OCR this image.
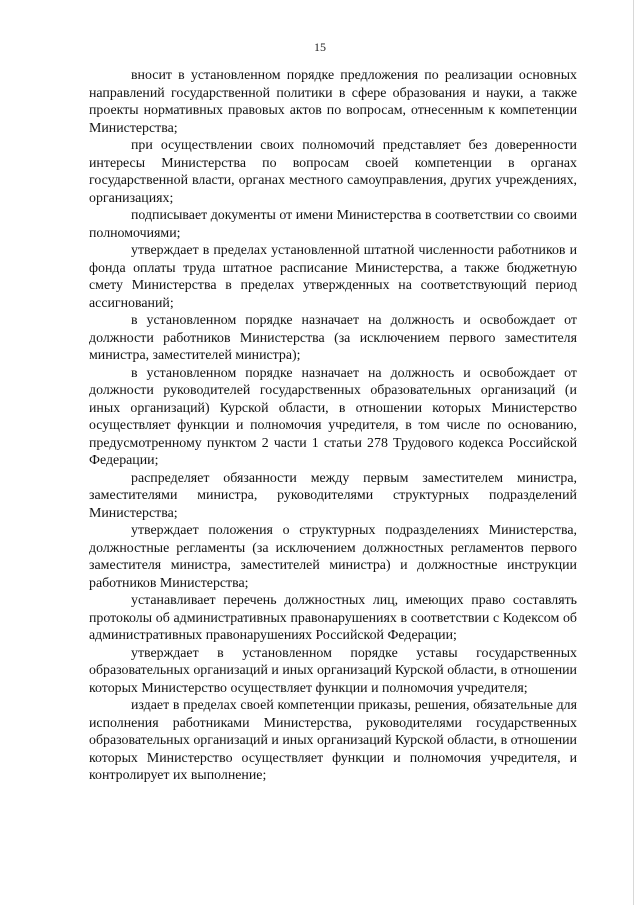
15

вносит в установленном порядке предложения по реализации основных направлений государственной политики в сфере образования и науки, а также проекты нормативных правовых актов по вопросам, отнесенным к компетенции Министерства;

при осуществлении своих полномочий представляет без доверенности интересы Министерства по вопросам своей компетенции в органах государственной власти, органах местного самоуправления, других учреждениях, организациях;

подписывает документы от имени Министерства в соответствии со своими полномочиями;

утверждает в пределах установленной штатной численности работников и фонда оплаты труда штатное расписание Министерства, а также бюджетную смету Министерства в пределах утвержденных на соответствующий период ассигнований;

в установленном порядке назначает на должность и освобождает от должности работников Министерства (за исключением первого заместителя министра, заместителей министра);

в установленном порядке назначает на должность и освобождает от должности руководителей государственных образовательных организаций (и иных организаций) Курской области, в отношении которых Министерство осуществляет функции и полномочия учредителя, в том числе по основанию, предусмотренному пунктом 2 части 1 статьи 278 Трудового кодекса Российской Федерации;

распределяет обязанности между первым заместителем министра, заместителями министра, руководителями структурных подразделений Министерства;

утверждает положения о структурных подразделениях Министерства, должностные регламенты (за исключением должностных регламентов первого заместителя министра, заместителей министра) и должностные инструкции работников Министерства;

устанавливает перечень должностных лиц, имеющих право составлять протоколы об административных правонарушениях в соответствии с Кодексом об административных правонарушениях Российской Федерации;

утверждает в установленном порядке уставы государственных образовательных организаций и иных организаций Курской области, в отношении которых Министерство осуществляет функции и полномочия учредителя;

издает в пределах своей компетенции приказы, решения, обязательные для исполнения работниками Министерства, руководителями государственных образовательных организаций и иных организаций Курской области, в отношении которых Министерство осуществляет функции и полномочия учредителя, и контролирует их выполнение;
